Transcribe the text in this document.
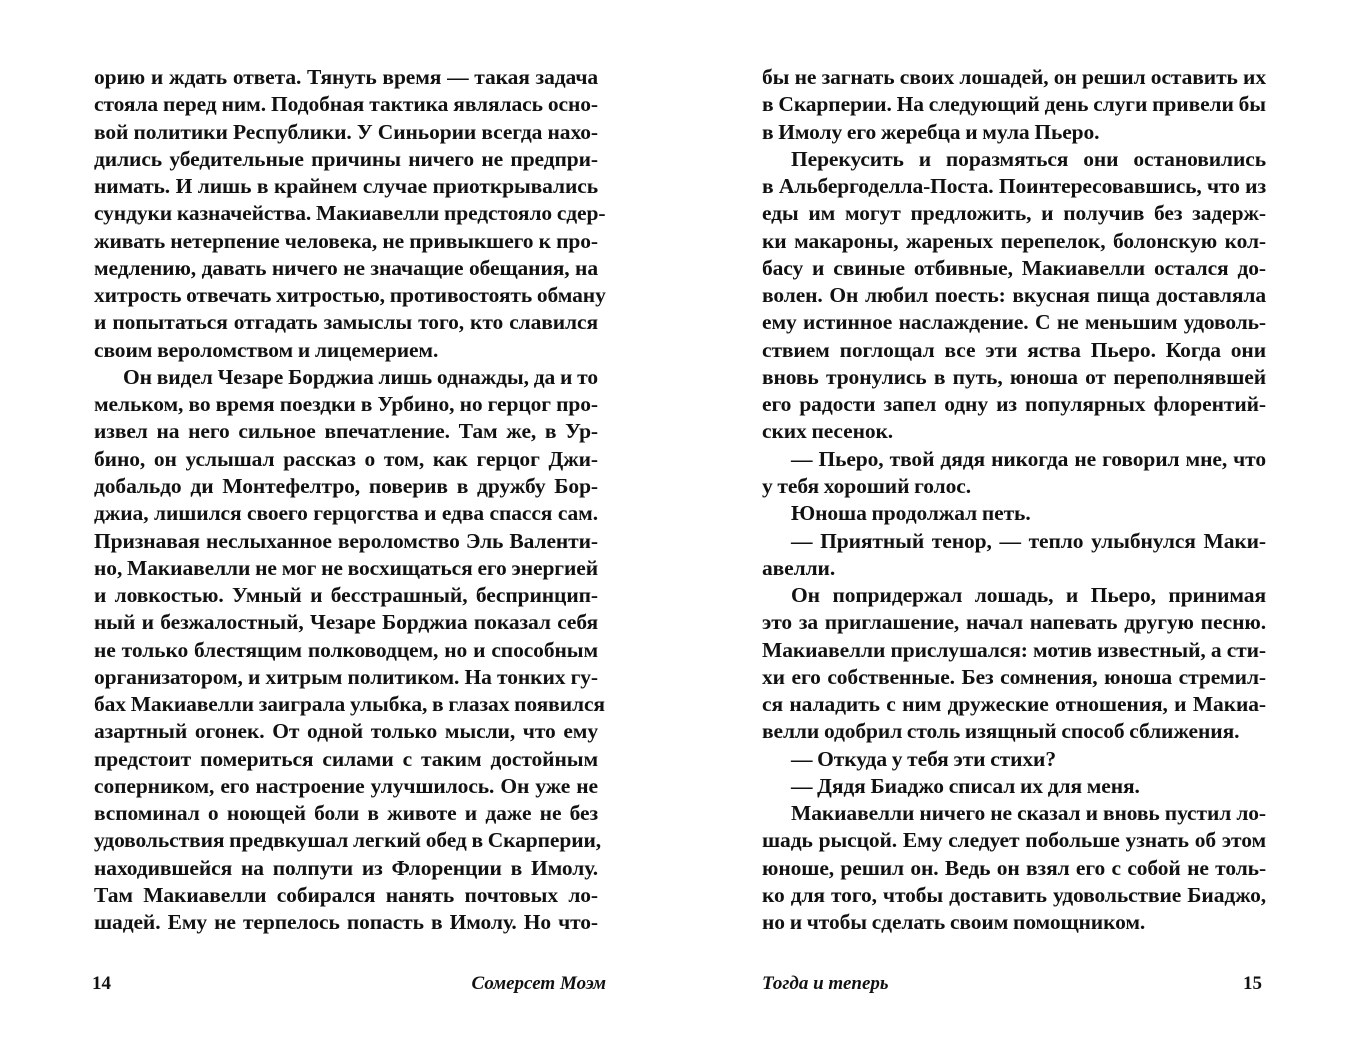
орию и ждать ответа. Тянуть время — такая задача
стояла перед ним. Подобная тактика являлась осно-
вой политики Республики. У Синьории всегда нахо-
дились убедительные причины ничего не предпри-
нимать. И лишь в крайнем случае приоткрывались
сундуки казначейства. Макиавелли предстояло сдер-
живать нетерпение человека, не привыкшего к про-
медлению, давать ничего не значащие обещания, на
хитрость отвечать хитростью, противостоять обману
и попытаться отгадать замыслы того, кто славился
своим вероломством и лицемерием.
Он видел Чезаре Борджиа лишь однажды, да и то
мельком, во время поездки в Урбино, но герцог про-
извел на него сильное впечатление. Там же, в Ур-
бино, он услышал рассказ о том, как герцог Джи-
добальдо ди Монтефелтро, поверив в дружбу Бор-
джиа, лишился своего герцогства и едва спасся сам.
Признавая неслыханное вероломство Эль Валенти-
но, Макиавелли не мог не восхищаться его энергией
и ловкостью. Умный и бесстрашный, беспринцип-
ный и безжалостный, Чезаре Борджиа показал себя
не только блестящим полководцем, но и способным
организатором, и хитрым политиком. На тонких гу-
бах Макиавелли заиграла улыбка, в глазах появился
азартный огонек. От одной только мысли, что ему
предстоит помериться силами с таким достойным
соперником, его настроение улучшилось. Он уже не
вспоминал о ноющей боли в животе и даже не без
удовольствия предвкушал легкий обед в Скарперии,
находившейся на полпути из Флоренции в Имолу.
Там Макиавелли собирался нанять почтовых ло-
шадей. Ему не терпелось попасть в Имолу. Но что-
бы не загнать своих лошадей, он решил оставить их
в Скарперии. На следующий день слуги привели бы
в Имолу его жеребца и мула Пьеро.
Перекусить и поразмяться они остановились
в Альбергоделла-Поста. Поинтересовавшись, что из
еды им могут предложить, и получив без задерж-
ки макароны, жареных перепелок, болонскую кол-
басу и свиные отбивные, Макиавелли остался до-
волен. Он любил поесть: вкусная пища доставляла
ему истинное наслаждение. С не меньшим удоволь-
ствием поглощал все эти яства Пьеро. Когда они
вновь тронулись в путь, юноша от переполнявшей
его радости запел одну из популярных флорентий-
ских песенок.
— Пьеро, твой дядя никогда не говорил мне, что
у тебя хороший голос.
Юноша продолжал петь.
— Приятный тенор, — тепло улыбнулся Маки-
авелли.
Он попридержал лошадь, и Пьеро, принимая
это за приглашение, начал напевать другую песню.
Макиавелли прислушался: мотив известный, а сти-
хи его собственные. Без сомнения, юноша стремил-
ся наладить с ним дружеские отношения, и Макиа-
велли одобрил столь изящный способ сближения.
— Откуда у тебя эти стихи?
— Дядя Биаджо списал их для меня.
Макиавелли ничего не сказал и вновь пустил ло-
шадь рысцой. Ему следует побольше узнать об этом
юноше, решил он. Ведь он взял его с собой не толь-
ко для того, чтобы доставить удовольствие Биаджо,
но и чтобы сделать своим помощником.
14	Сомерсет Моэм	Тогда и теперь	15
